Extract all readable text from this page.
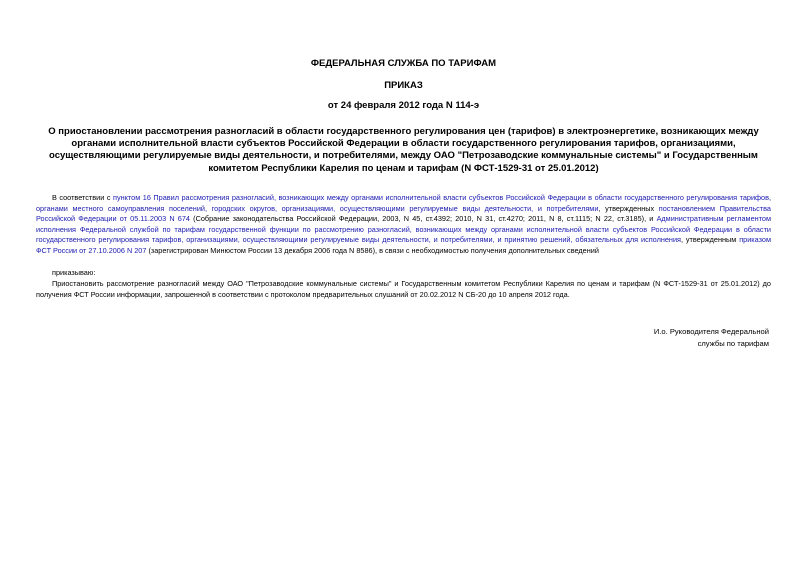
ФЕДЕРАЛЬНАЯ СЛУЖБА ПО ТАРИФАМ
ПРИКАЗ
от 24 февраля 2012 года N 114-э
О приостановлении рассмотрения разногласий в области государственного регулирования цен (тарифов) в электроэнергетике, возникающих между органами исполнительной власти субъектов Российской Федерации в области государственного регулирования тарифов, организациями, осуществляющими регулируемые виды деятельности, и потребителями, между ОАО "Петрозаводские коммунальные системы" и Государственным комитетом Республики Карелия по ценам и тарифам (N ФСТ-1529-31 от 25.01.2012)
В соответствии с пунктом 16 Правил рассмотрения разногласий, возникающих между органами исполнительной власти субъектов Российской Федерации в области государственного регулирования тарифов, органами местного самоуправления поселений, городских округов, организациями, осуществляющими регулируемые виды деятельности, и потребителями, утвержденных постановлением Правительства Российской Федерации от 05.11.2003 N 674 (Собрание законодательства Российской Федерации, 2003, N 45, ст.4392; 2010, N 31, ст.4270; 2011, N 8, ст.1115; N 22, ст.3185), и Административным регламентом исполнения Федеральной службой по тарифам государственной функции по рассмотрению разногласий, возникающих между органами исполнительной власти субъектов Российской Федерации в области государственного регулирования тарифов, организациями, осуществляющими регулируемые виды деятельности, и потребителями, и принятию решений, обязательных для исполнения, утвержденным приказом ФСТ России от 27.10.2006 N 207 (зарегистрирован Минюстом России 13 декабря 2006 года N 8586), в связи с необходимостью получения дополнительных сведений
приказываю:
Приостановить рассмотрение разногласий между ОАО "Петрозаводские коммунальные системы" и Государственным комитетом Республики Карелия по ценам и тарифам (N ФСТ-1529-31 от 25.01.2012) до получения ФСТ России информации, запрошенной в соответствии с протоколом предварительных слушаний от 20.02.2012 N СБ-20 до 10 апреля 2012 года.
И.о. Руководителя Федеральной
службы по тарифам
